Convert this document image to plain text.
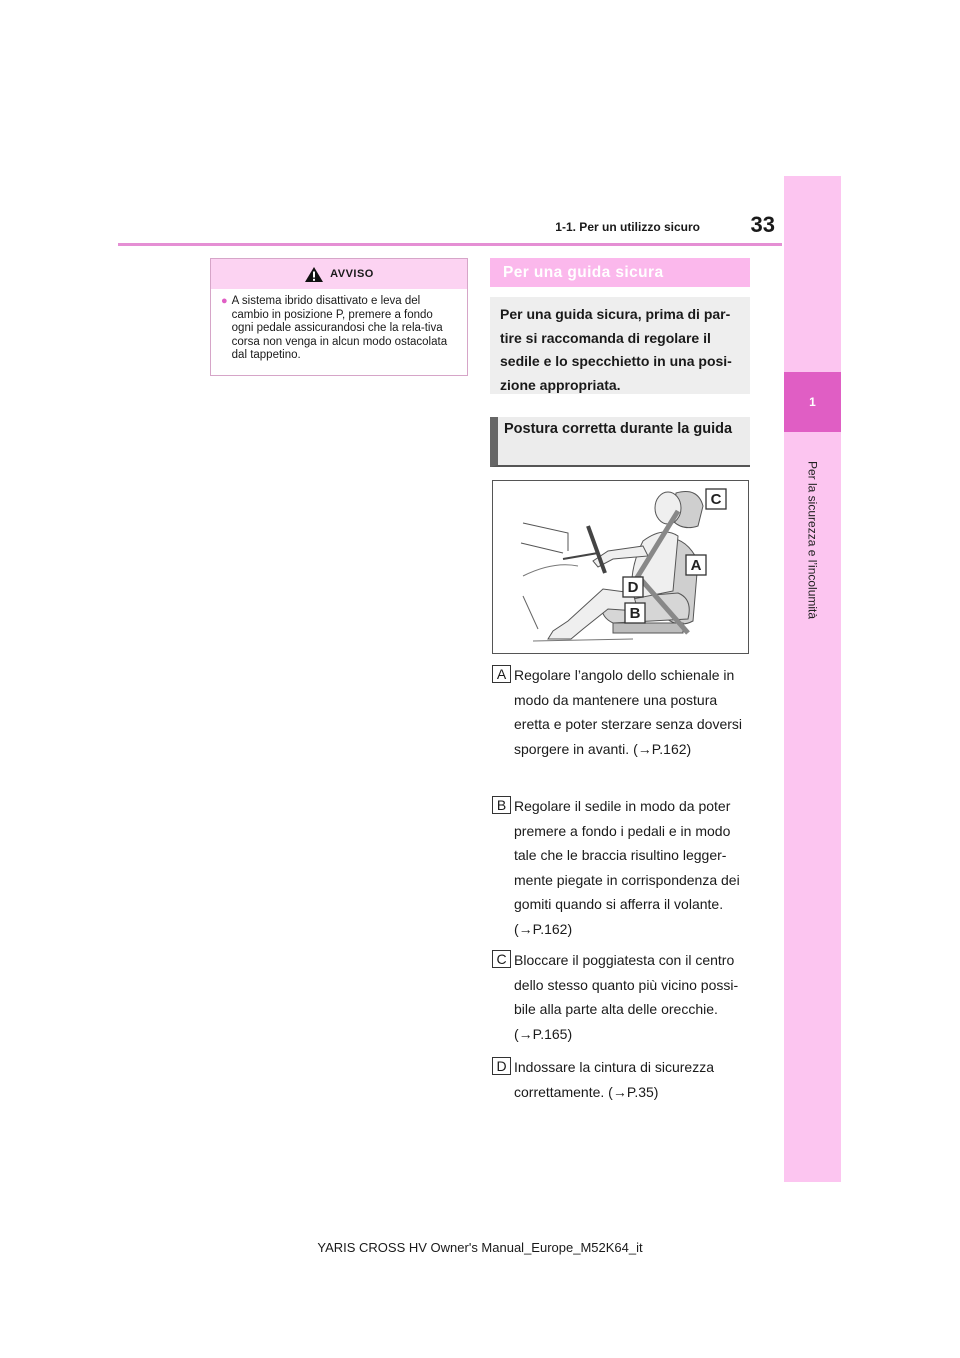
1-1. Per un utilizzo sicuro	33
1
Per la sicurezza e l’incolumità
AVVISO
● A sistema ibrido disattivato e leva del cambio in posizione P, premere a fondo ogni pedale assicurandosi che la rela-tiva corsa non venga in alcun modo ostacolata dal tappetino.
Per una guida sicura
Per una guida sicura, prima di par-tire si raccomanda di regolare il sedile e lo specchietto in una posi-zione appropriata.
Postura corretta durante la guida
C
A
D
B
A Regolare l’angolo dello schienale in modo da mantenere una postura eretta e poter sterzare senza doversi sporgere in avanti. (→P.162)
B Regolare il sedile in modo da poter premere a fondo i pedali e in modo tale che le braccia risultino legger-mente piegate in corrispondenza dei gomiti quando si afferra il volante. (→P.162)
C Bloccare il poggiatesta con il centro dello stesso quanto più vicino possi-bile alla parte alta delle orecchie. (→P.165)
D Indossare la cintura di sicurezza correttamente. (→P.35)
YARIS CROSS HV Owner's Manual_Europe_M52K64_it
